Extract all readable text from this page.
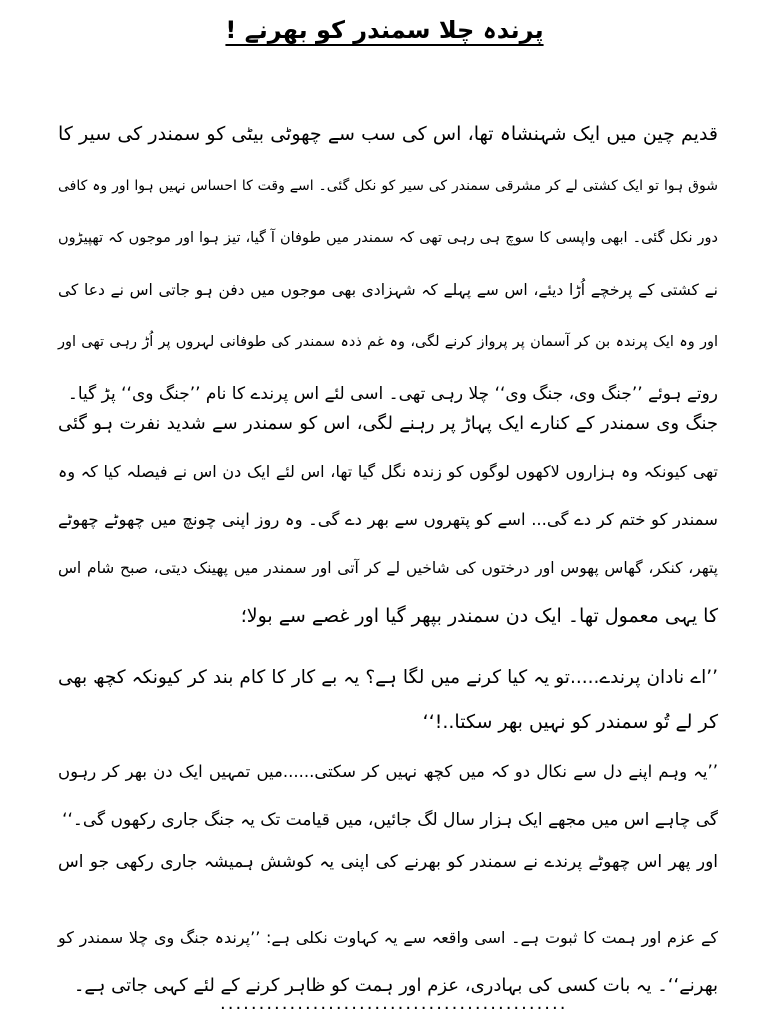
پرندہ چلا سمندر کو بھرنے !
قدیم چین میں ایک شہنشاہ تھا، اس کی سب سے چھوٹی بیٹی کو سمندر کی سیر کا
شوق ہوا تو ایک کشتی لے کر مشرقی سمندر کی سیر کو نکل گئی۔ اسے وقت کا احساس نہیں ہوا اور وہ کافی
دور نکل گئی۔ ابھی واپسی کا سوچ ہی رہی تھی کہ سمندر میں طوفان آ گیا، تیز ہوا اور موجوں کہ تھپیڑوں
نے کشتی کے پرخچے اُڑا دیئے، اس سے پہلے کہ شہزادی بھی موجوں میں دفن ہو جاتی اس نے دعا کی
اور وہ ایک پرندہ بن کر آسمان پر پرواز کرنے لگی، وہ غم ذدہ سمندر کی طوفانی لہروں پر اُڑ رہی تھی اور
روتے ہوئے ’’جنگ وی، جنگ وی‘‘ چلا رہی تھی۔ اسی لئے اس پرندے کا نام ’’جنگ وی‘‘ پڑ گیا۔
جنگ وی سمندر کے کنارے ایک پہاڑ پر رہنے لگی، اس کو سمندر سے شدید نفرت ہو گئی
تھی کیونکہ وہ ہزاروں لاکھوں لوگوں کو زندہ نگل گیا تھا، اس لئے ایک دن اس نے فیصلہ کیا کہ وہ
سمندر کو ختم کر دے گی... اسے کو پتھروں سے بھر دے گی۔ وہ روز اپنی چونچ میں چھوٹے چھوٹے
پتھر، کنکر، گھاس پھوس اور درختوں کی شاخیں لے کر آتی اور سمندر میں پھینک دیتی، صبح شام اس
کا یہی معمول تھا۔ ایک دن سمندر بپھر گیا اور غصے سے بولا؛
’’اے نادان پرندے.....تو یہ کیا کرنے میں لگا ہے؟ یہ بے کار کا کام بند کر کیونکہ کچھ بھی
کر لے تُو سمندر کو نہیں بھر سکتا..!‘‘
’’یہ وہم اپنے دل سے نکال دو کہ میں کچھ نہیں کر سکتی......میں تمہیں ایک دن بھر کر رہوں
گی چاہے اس میں مجھے ایک ہزار سال لگ جائیں، میں قیامت تک یہ جنگ جاری رکھوں گی۔‘‘
اور پھر اس چھوٹے پرندے نے سمندر کو بھرنے کی اپنی یہ کوشش ہمیشہ جاری رکھی جو اس
کے عزم اور ہمت کا ثبوت ہے۔ اسی واقعہ سے یہ کہاوت نکلی ہے: ’’پرندہ جنگ وی چلا سمندر کو
بھرنے‘‘۔ یہ بات کسی کی بہادری، عزم اور ہمت کو ظاہر کرنے کے لئے کہی جاتی ہے۔
.............................................
